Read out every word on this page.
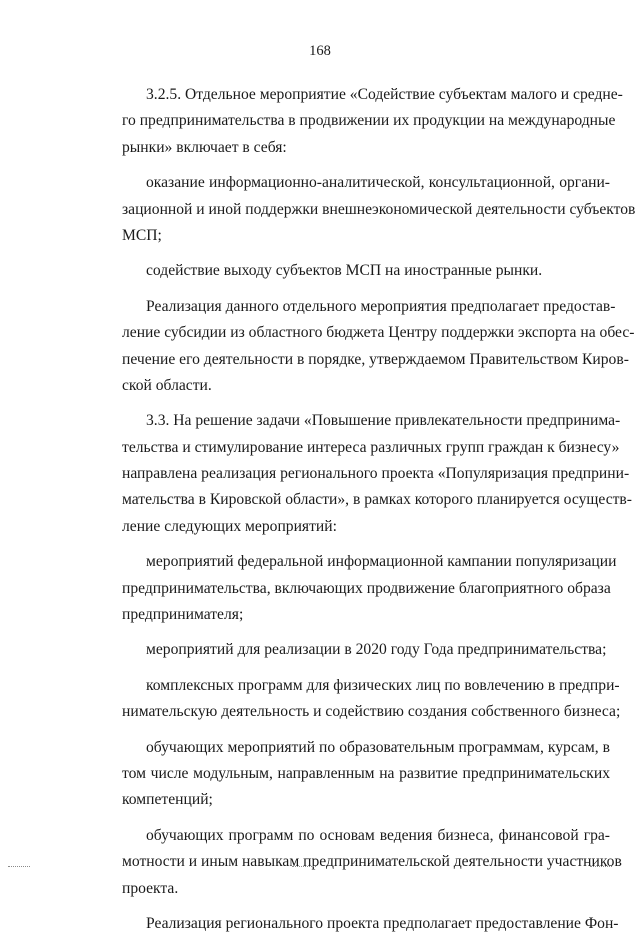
168
3.2.5. Отдельное мероприятие «Содействие субъектам малого и средне-
го предпринимательства в продвижении их продукции на международные
рынки» включает в себя:
оказание информационно-аналитической, консультационной, органи-
зационной и иной поддержки внешнеэкономической деятельности субъектов
МСП;
содействие выходу субъектов МСП на иностранные рынки.
Реализация данного отдельного мероприятия предполагает предостав-
ление субсидии из областного бюджета Центру поддержки экспорта на обес-
печение его деятельности в порядке, утверждаемом Правительством Киров-
ской области.
3.3. На решение задачи «Повышение привлекательности предпринима-
тельства и стимулирование интереса различных групп граждан к бизнесу»
направлена реализация регионального проекта «Популяризация предприни-
мательства в Кировской области», в рамках которого планируется осуществ-
ление следующих мероприятий:
мероприятий федеральной информационной кампании популяризации
предпринимательства, включающих продвижение благоприятного образа
предпринимателя;
мероприятий для реализации в 2020 году Года предпринимательства;
комплексных программ для физических лиц по вовлечению в предпри-
нимательскую деятельность и содействию создания собственного бизнеса;
обучающих мероприятий по образовательным программам, курсам, в
том числе модульным, направленным на развитие предпринимательских
компетенций;
обучающих программ по основам ведения бизнеса, финансовой гра-
мотности и иным навыкам предпринимательской деятельности участников
проекта.
Реализация регионального проекта предполагает предоставление Фон-
